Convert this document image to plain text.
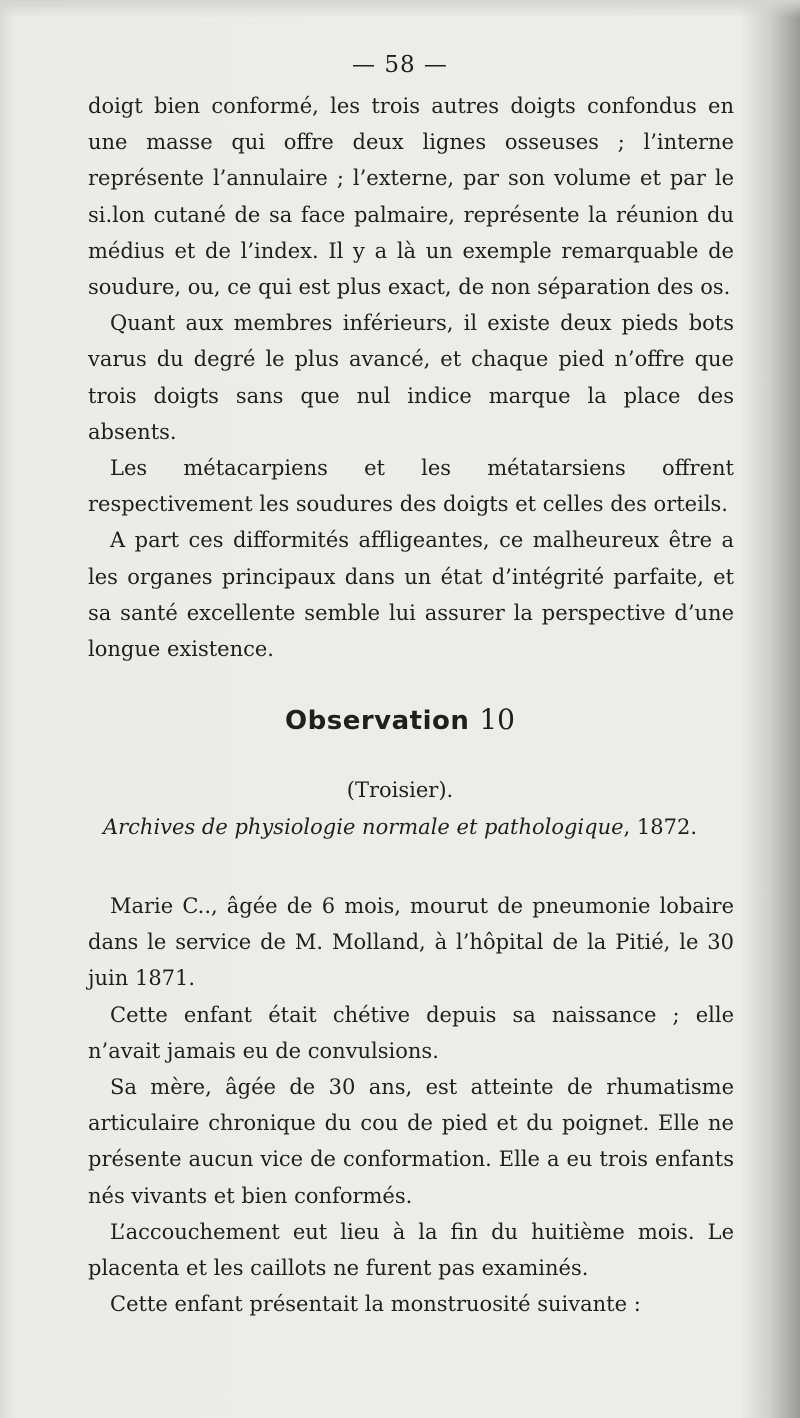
— 58 —

doigt bien conformé, les trois autres doigts confondus en une masse qui offre deux lignes osseuses ; l’interne représente l’annulaire ; l’externe, par son volume et par le si.lon cutané de sa face palmaire, représente la réunion du médius et de l’index. Il y a là un exemple remarquable de soudure, ou, ce qui est plus exact, de non séparation des os.

Quant aux membres inférieurs, il existe deux pieds bots varus du degré le plus avancé, et chaque pied n’offre que trois doigts sans que nul indice marque la place des absents.

Les métacarpiens et les métatarsiens offrent respectivement les soudures des doigts et celles des orteils.

A part ces difformités affligeantes, ce malheureux être a les organes principaux dans un état d’intégrité parfaite, et sa santé excellente semble lui assurer la perspective d’une longue existence.

Observation 10
(Troisier).
Archives de physiologie normale et pathologique, 1872.

Marie C.., âgée de 6 mois, mourut de pneumonie lobaire dans le service de M. Molland, à l’hôpital de la Pitié, le 30 juin 1871.

Cette enfant était chétive depuis sa naissance ; elle n’avait jamais eu de convulsions.

Sa mère, âgée de 30 ans, est atteinte de rhumatisme articulaire chronique du cou de pied et du poignet. Elle ne présente aucun vice de conformation. Elle a eu trois enfants nés vivants et bien conformés.

L’accouchement eut lieu à la fin du huitième mois. Le placenta et les caillots ne furent pas examinés.

Cette enfant présentait la monstruosité suivante :
